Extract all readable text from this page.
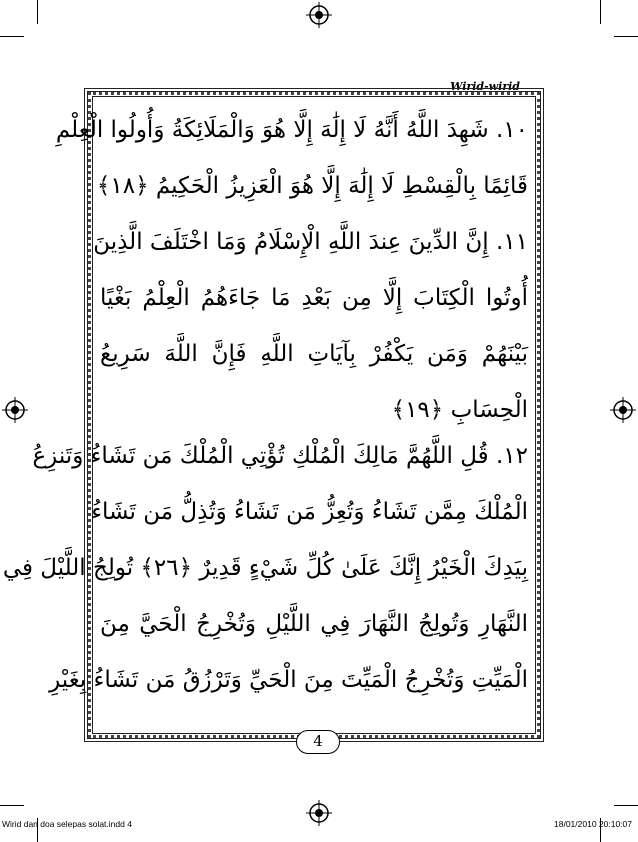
Wirid-wirid
١٠. شَهِدَ اللَّهُ أَنَّهُ لَا إِلَٰهَ إِلَّا هُوَ وَالْمَلَائِكَةُ وَأُولُوا الْعِلْمِ
قَائِمًا بِالْقِسْطِ لَا إِلَٰهَ إِلَّا هُوَ الْعَزِيزُ الْحَكِيمُ ﴿١٨﴾
١١. إِنَّ الدِّينَ عِندَ اللَّهِ الْإِسْلَامُ وَمَا اخْتَلَفَ الَّذِينَ
أُوتُوا الْكِتَابَ إِلَّا مِن بَعْدِ مَا جَاءَهُمُ الْعِلْمُ بَغْيًا
بَيْنَهُمْ وَمَن يَكْفُرْ بِآيَاتِ اللَّهِ فَإِنَّ اللَّهَ سَرِيعُ
الْحِسَابِ ﴿١٩﴾
١٢. قُلِ اللَّهُمَّ مَالِكَ الْمُلْكِ تُؤْتِي الْمُلْكَ مَن تَشَاءُ وَتَنزِعُ
الْمُلْكَ مِمَّن تَشَاءُ وَتُعِزُّ مَن تَشَاءُ وَتُذِلُّ مَن تَشَاءُ
بِيَدِكَ الْخَيْرُ إِنَّكَ عَلَىٰ كُلِّ شَيْءٍ قَدِيرٌ ﴿٢٦﴾ تُولِجُ اللَّيْلَ فِي
النَّهَارِ وَتُولِجُ النَّهَارَ فِي اللَّيْلِ وَتُخْرِجُ الْحَيَّ مِنَ
الْمَيِّتِ وَتُخْرِجُ الْمَيِّتَ مِنَ الْحَيِّ وَتَرْزُقُ مَن تَشَاءُ بِغَيْرِ
4
Wirid dan doa selepas solat.indd 4	18/01/2010 20:10:07
